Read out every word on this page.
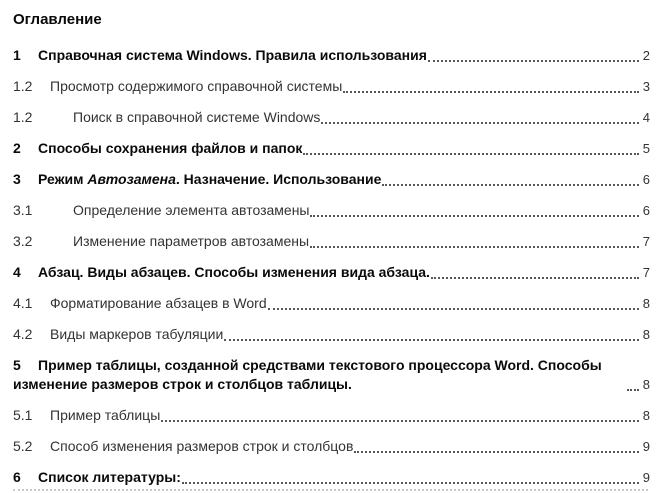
Оглавление
1 Справочная система Windows. Правила использования	2
1.2 Просмотр содержимого справочной системы	3
1.2	Поиск в справочной системе Windows	4
2 Способы сохранения файлов и папок	5
3 Режим Автозамена. Назначение. Использование	6
3.1	Определение элемента автозамены	6
3.2	Изменение параметров автозамены	7
4 Абзац. Виды абзацев. Способы изменения вида абзаца.	7
4.1 Форматирование абзацев в Word	8
4.2 Виды маркеров табуляции	8
5 Пример таблицы, созданной средствами текстового процессора Word. Способы изменение размеров строк и столбцов таблицы.	8
5.1 Пример таблицы	8
5.2 Способ изменения размеров строк и столбцов	9
6 Список литературы:	9
